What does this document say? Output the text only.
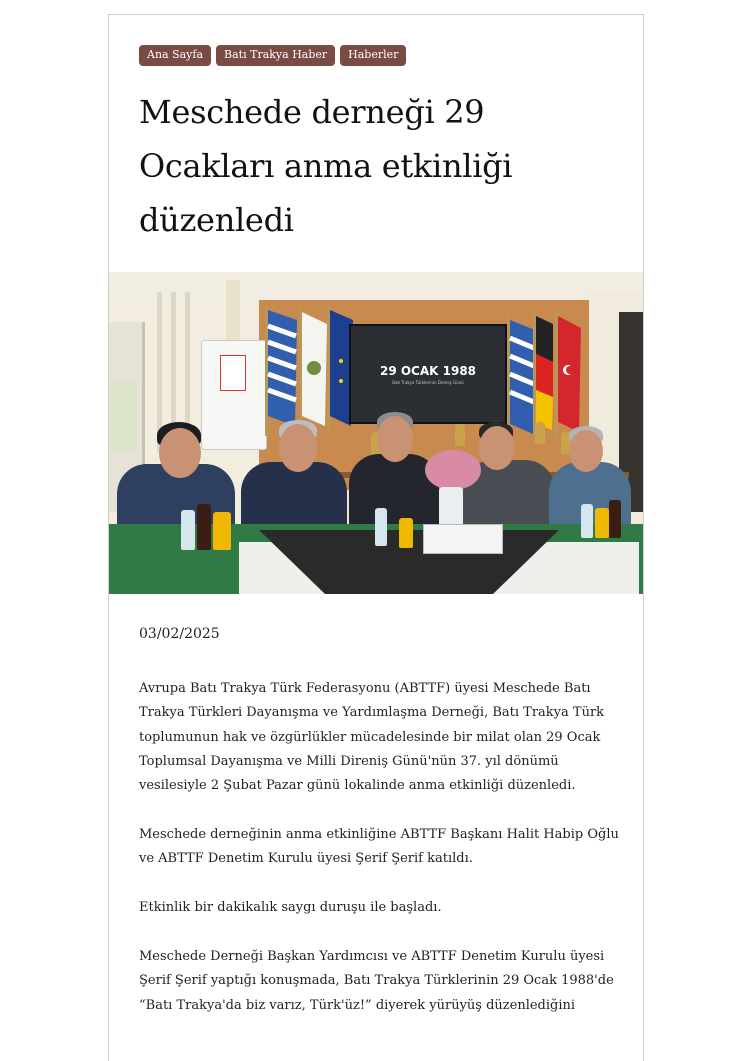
Ana Sayfa	Batı Trakya Haber	Haberler
Meschede derneği 29 Ocakları anma etkinliği düzenledi
29 OCAK 1988
Batı Trakya Türklerinin Direniş Günü
03/02/2025

Avrupa Batı Trakya Türk Federasyonu (ABTTF) üyesi Meschede Batı Trakya Türkleri Dayanışma ve Yardımlaşma Derneği, Batı Trakya Türk toplumunun hak ve özgürlükler mücadelesinde bir milat olan 29 Ocak Toplumsal Dayanışma ve Milli Direniş Günü'nün 37. yıl dönümü vesilesiyle 2 Şubat Pazar günü lokalinde anma etkinliği düzenledi.

Meschede derneğinin anma etkinliğine ABTTF Başkanı Halit Habip Oğlu ve ABTTF Denetim Kurulu üyesi Şerif Şerif katıldı.

Etkinlik bir dakikalık saygı duruşu ile başladı.

Meschede Derneği Başkan Yardımcısı ve ABTTF Denetim Kurulu üyesi Şerif Şerif yaptığı konuşmada, Batı Trakya Türklerinin 29 Ocak 1988'de “Batı Trakya'da biz varız, Türk'üz!” diyerek yürüyüş düzenlediğini
